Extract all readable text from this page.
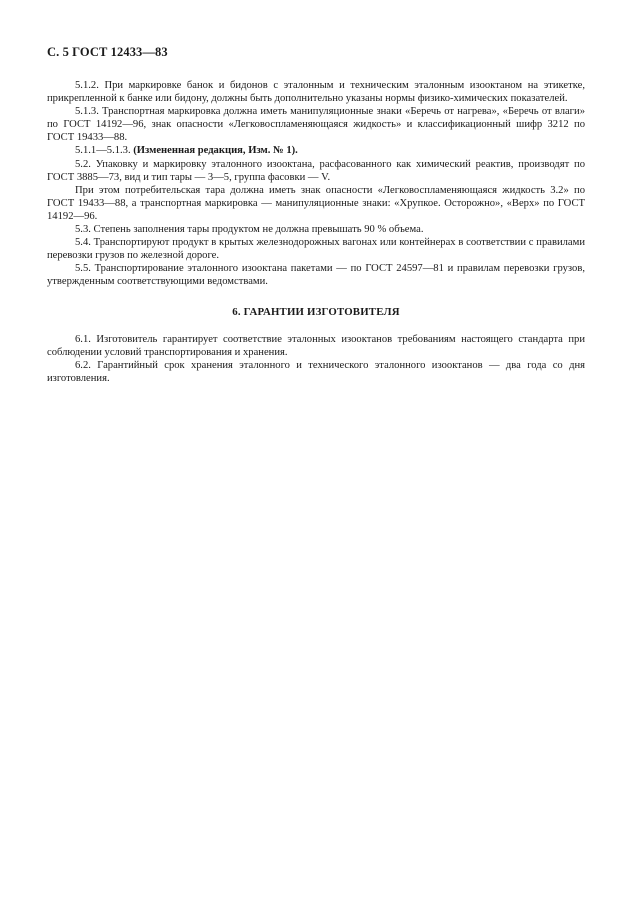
С. 5 ГОСТ 12433—83

5.1.2. При маркировке банок и бидонов с эталонным и техническим эталонным изооктаном на этикетке, прикрепленной к банке или бидону, должны быть дополнительно указаны нормы физико-химических показателей.

5.1.3. Транспортная маркировка должна иметь манипуляционные знаки «Беречь от нагрева», «Беречь от влаги» по ГОСТ 14192—96, знак опасности «Легковоспламеняющаяся жидкость» и классификационный шифр 3212 по ГОСТ 19433—88.

5.1.1—5.1.3. (Измененная редакция, Изм. № 1).

5.2. Упаковку и маркировку эталонного изооктана, расфасованного как химический реактив, производят по ГОСТ 3885—73, вид и тип тары — 3—5, группа фасовки — V.

При этом потребительская тара должна иметь знак опасности «Легковоспламеняющаяся жидкость 3.2» по ГОСТ 19433—88, а транспортная маркировка — манипуляционные знаки: «Хрупкое. Осторожно», «Верх» по ГОСТ 14192—96.

5.3. Степень заполнения тары продуктом не должна превышать 90 % объема.

5.4. Транспортируют продукт в крытых железнодорожных вагонах или контейнерах в соответствии с правилами перевозки грузов по железной дороге.

5.5. Транспортирование эталонного изооктана пакетами — по ГОСТ 24597—81 и правилам перевозки грузов, утвержденным соответствующими ведомствами.

6. ГАРАНТИИ ИЗГОТОВИТЕЛЯ

6.1. Изготовитель гарантирует соответствие эталонных изооктанов требованиям настоящего стандарта при соблюдении условий транспортирования и хранения.

6.2. Гарантийный срок хранения эталонного и технического эталонного изооктанов — два года со дня изготовления.
